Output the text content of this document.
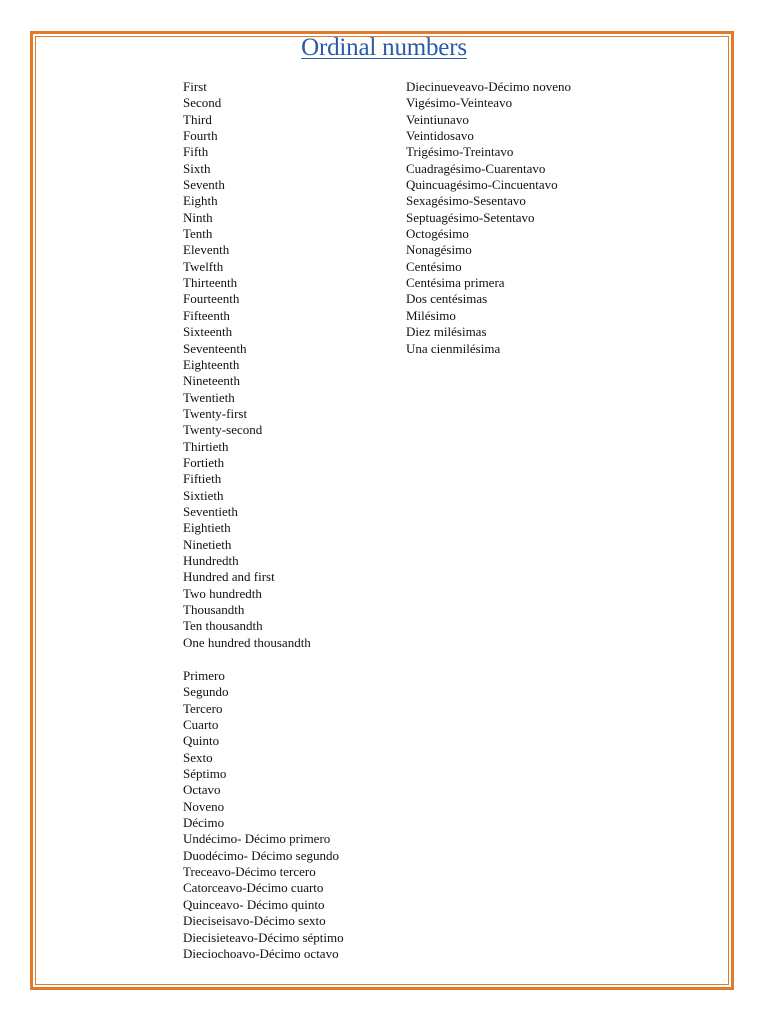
Ordinal numbers
First
Second
Third
Fourth
Fifth
Sixth
Seventh
Eighth
Ninth
Tenth
Eleventh
Twelfth
Thirteenth
Fourteenth
Fifteenth
Sixteenth
Seventeenth
Eighteenth
Nineteenth
Twentieth
Twenty-first
Twenty-second
Thirtieth
Fortieth
Fiftieth
Sixtieth
Seventieth
Eightieth
Ninetieth
Hundredth
Hundred and first
Two hundredth
Thousandth
Ten thousandth
One hundred thousandth
Primero
Segundo
Tercero
Cuarto
Quinto
Sexto
Séptimo
Octavo
Noveno
Décimo
Undécimo- Décimo primero
Duodécimo- Décimo segundo
Treceavo-Décimo tercero
Catorceavo-Décimo cuarto
Quinceavo- Décimo quinto
Dieciseisavo-Décimo sexto
Diecisieteavo-Décimo séptimo
Dieciochoavo-Décimo octavo
Diecinueveavo-Décimo noveno
Vigésimo-Veinteavo
Veintiunavo
Veintidosavo
Trigésimo-Treintavo
Cuadragésimo-Cuarentavo
Quincuagésimo-Cincuentavo
Sexagésimo-Sesentavo
Septuagésimo-Setentavo
Octogésimo
Nonagésimo
Centésimo
Centésima primera
Dos centésimas
Milésimo
Diez milésimas
Una cienmilésima
